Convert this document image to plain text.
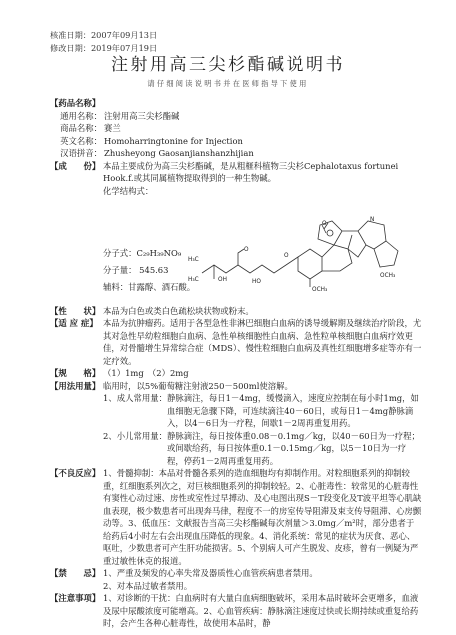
核准日期：2007年09月13日
修改日期：2019年07月19日
注射用高三尖杉酯碱说明书
请仔细阅读说明书并在医师指导下使用
【药品名称】
通用名称： 注射用高三尖杉酯碱
商品名称： 赛兰
英文名称： Homoharringtonine for Injection
汉语拼音： Zhusheyong Gaosanjianshanzhijian
【成　　份】 本品主要成份为高三尖杉酯碱，是从粗榧科植物三尖杉Cephalotaxus fortunei Hook.f.或其同属植物提取得到的一种生物碱。
化学结构式：
分子式：C₂₉H₃₉NO₉
分子量： 545.63
辅料：甘露醇、酒石酸。
H₃C
H₃C	OH	HO
OCH₃
OCH₃
O
O
O
N
【性　　状】 本品为白色或类白色疏松块状物或粉末。
【适 应 症】 本品为抗肿瘤药。适用于各型急性非淋巴细胞白血病的诱导缓解期及继续治疗阶段，尤其对急性早幼粒细胞白血病、急性单核细胞性白血病、急性粒单核细胞白血病疗效更佳，对骨髓增生异常综合症（MDS）、慢性粒细胞白血病及真性红细胞增多症等亦有一定疗效。
【规　　格】 （1）1mg　（2）2mg
【用法用量】 临用时，以5%葡萄糖注射液250－500ml使溶解。
1、成人常用量： 静脉滴注，每日1－4mg，缓慢滴入，速度应控制在每小时1mg，如血细胞无急骤下降，可连续滴注40－60日，或每日1－4mg静脉滴入，以4－6日为一疗程，间歇1－2周再重复用药。
2、小儿常用量： 静脉滴注，每日按体重0.08－0.1mg／kg，以40－60日为一疗程；或间歇给药，每日按体重0.1－0.15mg／kg，以5－10日为一疗程，停药1－2周再重复用药。
【不良反应】 1、骨髓抑制：本品对骨髓各系列的造血细胞均有抑制作用。对粒细胞系列的抑制较重，红细胞系列次之，对巨核细胞系列的抑制较轻。2、心脏毒性：较常见的心脏毒性有窦性心动过速、房性或室性过早搏动、及心电图出现S－T段变化及T波平坦等心肌缺血表现，极少数患者可出现奔马律，程度不一的房室传导阻滞及束支传导阻滞、心房颤动等。3、低血压：文献报告当高三尖杉酯碱每次剂量＞3.0mg／m²时，部分患者于给药后4小时左右会出现血压降低的现象。4、消化系统：常见的症状为厌食、恶心、呕吐，少数患者可产生肝功能损害。5、个别病人可产生脱发、皮疹，曾有一例疑为严重过敏性休克的报道。
【禁　　忌】 1、严重及频发的心率失常及器质性心血管疾病患者禁用。
2、对本品过敏者禁用。
【注意事项】 1、对诊断的干扰：白血病时有大量白血病细胞破坏，采用本品时破坏会更增多，血液及尿中尿酸浓度可能增高。2、心血管疾病：静脉滴注速度过快或长期持续或重复给药时，会产生各种心脏毒性，故使用本品时，静
